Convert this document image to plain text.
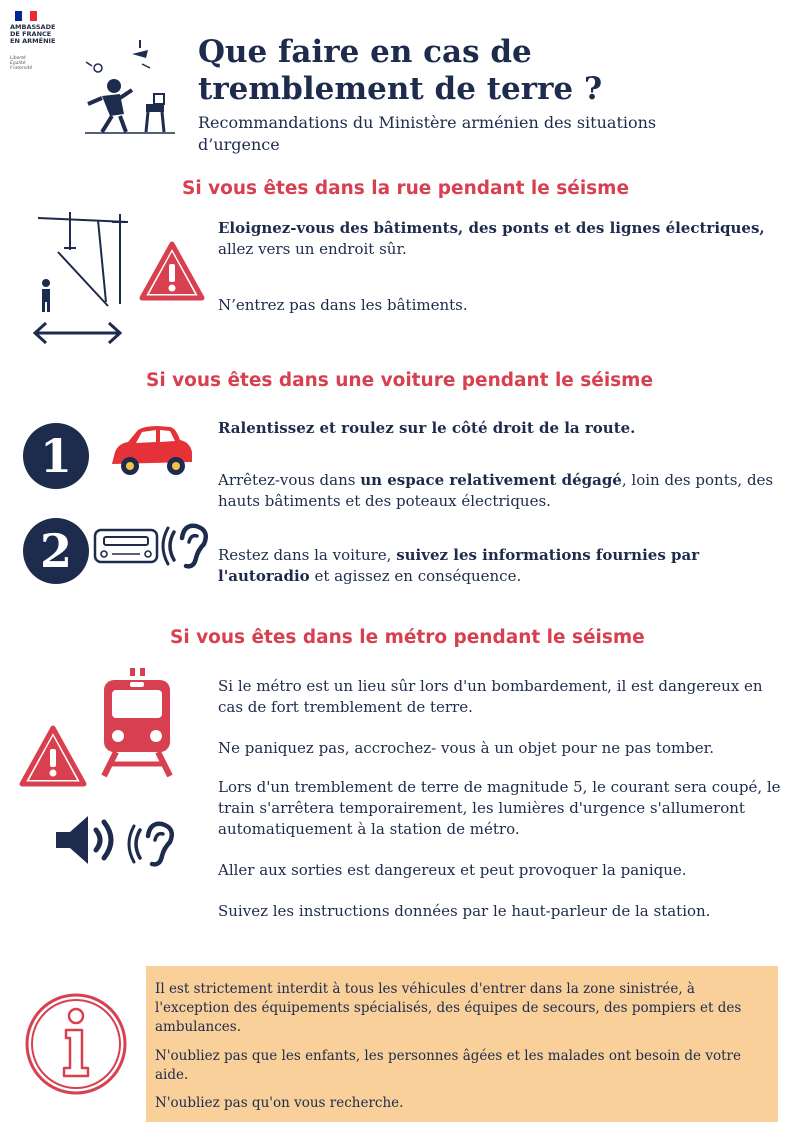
AMBASSADE
DE FRANCE
EN ARMÉNIE
Liberté
Égalité
Fraternité	Que faire en cas de tremblement de terre ?
Recommandations du Ministère arménien des situations d’urgence
Si vous êtes dans la rue pendant le séisme
Eloignez-vous des bâtiments, des ponts et des lignes électriques, allez vers un endroit sûr.
N’entrez pas dans les bâtiments.
Si vous êtes dans une voiture pendant le séisme
1
2
Ralentissez et roulez sur le côté droit de la route.
Arrêtez-vous dans un espace relativement dégagé, loin des ponts, des hauts bâtiments et des poteaux électriques.
Restez dans la voiture, suivez les informations fournies par l'autoradio et agissez en conséquence.
Si vous êtes dans le métro pendant le séisme
Si le métro est un lieu sûr lors d'un bombardement, il est dangereux en cas de fort tremblement de terre.
Ne paniquez pas, accrochez- vous à un objet pour ne pas tomber.
Lors d'un tremblement de terre de magnitude 5, le courant sera coupé, le train s'arrêtera temporairement, les lumières d'urgence s'allumeront automatiquement à la station de métro.
Aller aux sorties est dangereux et peut provoquer la panique.
Suivez les instructions données par le haut-parleur de la station.
Il est strictement interdit à tous les véhicules d'entrer dans la zone sinistrée, à l'exception des équipements spécialisés, des équipes de secours, des pompiers et des ambulances.
N'oubliez pas que les enfants, les personnes âgées et les malades ont besoin de votre aide.
N'oubliez pas qu'on vous recherche.
